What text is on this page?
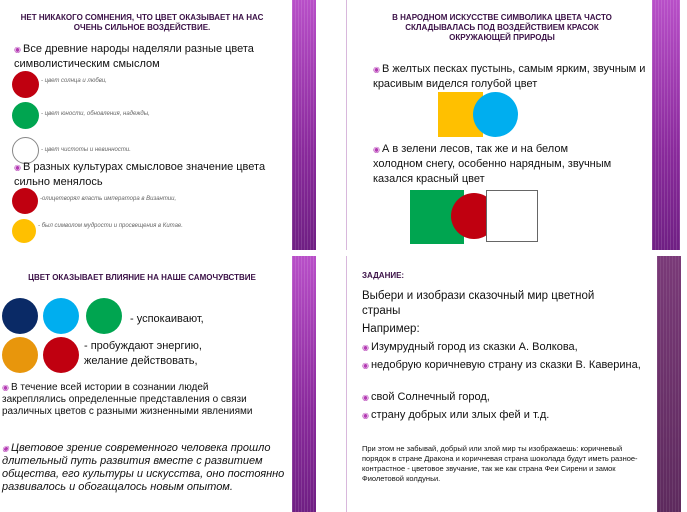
НЕТ НИКАКОГО СОМНЕНИЯ, ЧТО ЦВЕТ ОКАЗЫВАЕТ НА НАС ОЧЕНЬ СИЛЬНОЕ ВОЗДЕЙСТВИЕ.
◉ Все древние народы наделяли разные цвета символистическим смыслом
- цвет солнца и любви,
- цвет юности, обновления, надежды,
- цвет чистоты и невинности.
◉ В разных культурах смысловое значение цвета сильно менялось
-олицетворял власть императора в Византии,
- был символом мудрости и просвещения в Китае.
В НАРОДНОМ ИСКУССТВЕ СИМВОЛИКА ЦВЕТА ЧАСТО СКЛАДЫВАЛАСЬ ПОД ВОЗДЕЙСТВИЕМ КРАСОК ОКРУЖАЮЩЕЙ ПРИРОДЫ
◉ В желтых песках пустынь, самым ярким, звучным и красивым виделся голубой цвет
◉ А в зелени лесов, так же и на белом холодном снегу, особенно нарядным, звучным казался красный цвет
ЦВЕТ ОКАЗЫВАЕТ ВЛИЯНИЕ НА НАШЕ САМОЧУВСТВИЕ
- успокаивают,
- пробуждают энергию, желание действовать,
◉ В течение всей истории в сознании людей закреплялись определенные представления о связи различных цветов с разными жизненными явлениями
◉ Цветовое зрение современного человека прошло длительный путь развития вместе с развитием общества, его культуры и искусства, оно постоянно развивалось и обогащалось новым опытом.
ЗАДАНИЕ:
Выбери и изобрази сказочный мир цветной страны
Например:
◉ Изумрудный город из сказки А. Волкова,
◉ недобрую коричневую страну из сказки В. Каверина,
◉ свой Солнечный город,
◉ страну добрых или злых фей и т.д.
При этом не забывай, добрый или злой мир ты изображаешь: коричневый порядок в стране Дракона и коричневая страна шоколада будут иметь разное- контрастное - цветовое звучание, так же как страна Феи Сирени и замок Фиолетовой колдуньи.
